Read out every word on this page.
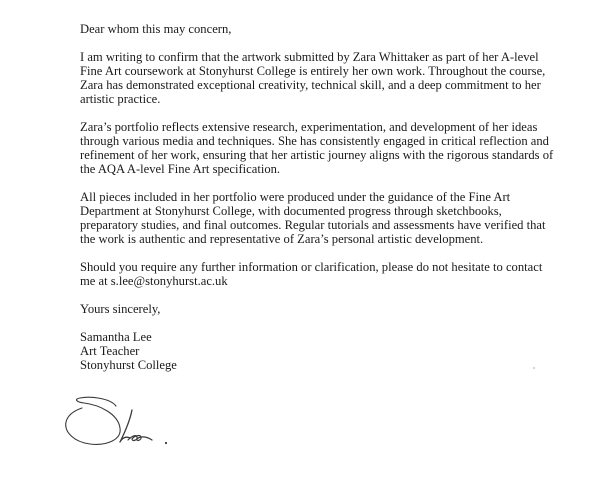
Dear whom this may concern,

I am writing to confirm that the artwork submitted by Zara Whittaker as part of her A-level
Fine Art coursework at Stonyhurst College is entirely her own work. Throughout the course,
Zara has demonstrated exceptional creativity, technical skill, and a deep commitment to her
artistic practice.

Zara’s portfolio reflects extensive research, experimentation, and development of her ideas
through various media and techniques. She has consistently engaged in critical reflection and
refinement of her work, ensuring that her artistic journey aligns with the rigorous standards of
the AQA A-level Fine Art specification.

All pieces included in her portfolio were produced under the guidance of the Fine Art
Department at Stonyhurst College, with documented progress through sketchbooks,
preparatory studies, and final outcomes. Regular tutorials and assessments have verified that
the work is authentic and representative of Zara’s personal artistic development.

Should you require any further information or clarification, please do not hesitate to contact
me at s.lee@stonyhurst.ac.uk

Yours sincerely,

Samantha Lee
Art Teacher
Stonyhurst College
